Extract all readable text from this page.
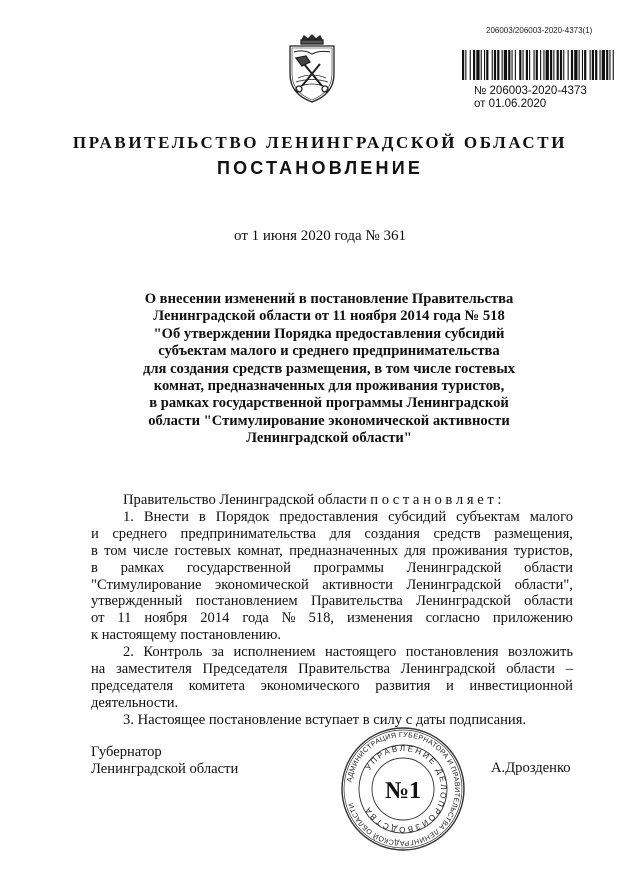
206003/206003-2020-4373(1)
№ 206003-2020-4373
от 01.06.2020
ПРАВИТЕЛЬСТВО ЛЕНИНГРАДСКОЙ ОБЛАСТИ
ПОСТАНОВЛЕНИЕ
от 1 июня 2020 года № 361
О внесении изменений в постановление Правительства
Ленинградской области от 11 ноября 2014 года № 518
"Об утверждении Порядка предоставления субсидий
субъектам малого и среднего предпринимательства
для создания средств размещения, в том числе гостевых
комнат, предназначенных для проживания туристов,
в рамках государственной программы Ленинградской
области "Стимулирование экономической активности
Ленинградской области"
Правительство Ленинградской области п о с т а н о в л я е т :
1. Внести в Порядок предоставления субсидий субъектам малого
и среднего предпринимательства для создания средств размещения,
в том числе гостевых комнат, предназначенных для проживания туристов,
в рамках государственной программы Ленинградской области
"Стимулирование экономической активности Ленинградской области",
утвержденный постановлением Правительства Ленинградской области
от 11 ноября 2014 года № 518, изменения согласно приложению
к настоящему постановлению.
2. Контроль за исполнением настоящего постановления возложить
на заместителя Председателя Правительства Ленинградской области –
председателя комитета экономического развития и инвестиционной
деятельности.
3. Настоящее постановление вступает в силу с даты подписания.
Губернатор
Ленинградской области	А.Дрозденко
АДМИНИСТРАЦИЯ ГУБЕРНАТОРА И ПРАВИТЕЛЬСТВА ЛЕНИНГРАДСКОЙ ОБЛАСТИ
УПРАВЛЕНИЕ ДЕЛОПРОИЗВОДСТВА
№1
